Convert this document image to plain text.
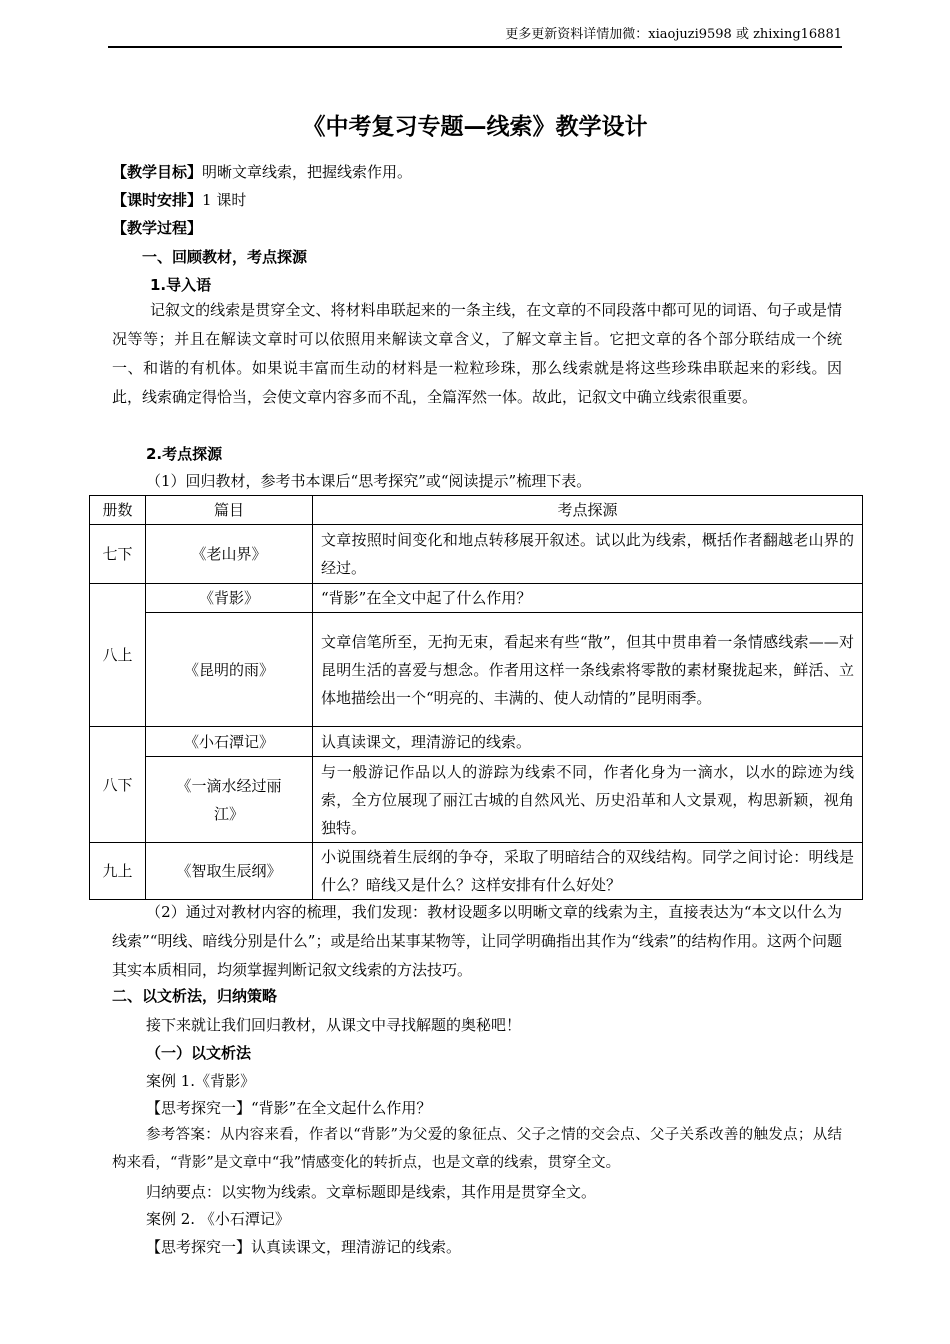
更多更新资料详情加微：xiaojuzi9598 或 zhixing16881
《中考复习专题—线索》教学设计
【教学目标】明晰文章线索，把握线索作用。
【课时安排】1 课时
【教学过程】
一、回顾教材，考点探源
1.导入语
记叙文的线索是贯穿全文、将材料串联起来的一条主线，在文章的不同段落中都可见的词语、句子或是情况等等；并且在解读文章时可以依照用来解读文章含义，了解文章主旨。它把文章的各个部分联结成一个统一、和谐的有机体。如果说丰富而生动的材料是一粒粒珍珠，那么线索就是将这些珍珠串联起来的彩线。因此，线索确定得恰当，会使文章内容多而不乱，全篇浑然一体。故此，记叙文中确立线索很重要。
2.考点探源
（1）回归教材，参考书本课后“思考探究”或“阅读提示”梳理下表。
册数	篇目	考点探源
七下	《老山界》	文章按照时间变化和地点转移展开叙述。试以此为线索，概括作者翻越老山界的经过。
八上	《背影》	“背影”在全文中起了什么作用？
	《昆明的雨》	文章信笔所至，无拘无束，看起来有些“散”，但其中贯串着一条情感线索——对昆明生活的喜爱与想念。作者用这样一条线索将零散的素材聚拢起来，鲜活、立体地描绘出一个“明亮的、丰满的、使人动情的”昆明雨季。
八下	《小石潭记》	认真读课文，理清游记的线索。
	《一滴水经过丽江》	与一般游记作品以人的游踪为线索不同，作者化身为一滴水，以水的踪迹为线索，全方位展现了丽江古城的自然风光、历史沿革和人文景观，构思新颖，视角独特。
九上	《智取生辰纲》	小说围绕着生辰纲的争夺，采取了明暗结合的双线结构。同学之间讨论：明线是什么？暗线又是什么？这样安排有什么好处？
（2）通过对教材内容的梳理，我们发现：教材设题多以明晰文章的线索为主，直接表达为“本文以什么为线索”“明线、暗线分别是什么”；或是给出某事某物等，让同学明确指出其作为“线索”的结构作用。这两个问题其实本质相同，均须掌握判断记叙文线索的方法技巧。
二、以文析法，归纳策略
接下来就让我们回归教材，从课文中寻找解题的奥秘吧！
（一）以文析法
案例 1.《背影》
【思考探究一】“背影”在全文起什么作用？
参考答案：从内容来看，作者以“背影”为父爱的象征点、父子之情的交会点、父子关系改善的触发点；从结构来看，“背影”是文章中“我”情感变化的转折点，也是文章的线索，贯穿全文。
归纳要点：以实物为线索。文章标题即是线索，其作用是贯穿全文。
案例 2. 《小石潭记》
【思考探究一】认真读课文，理清游记的线索。
